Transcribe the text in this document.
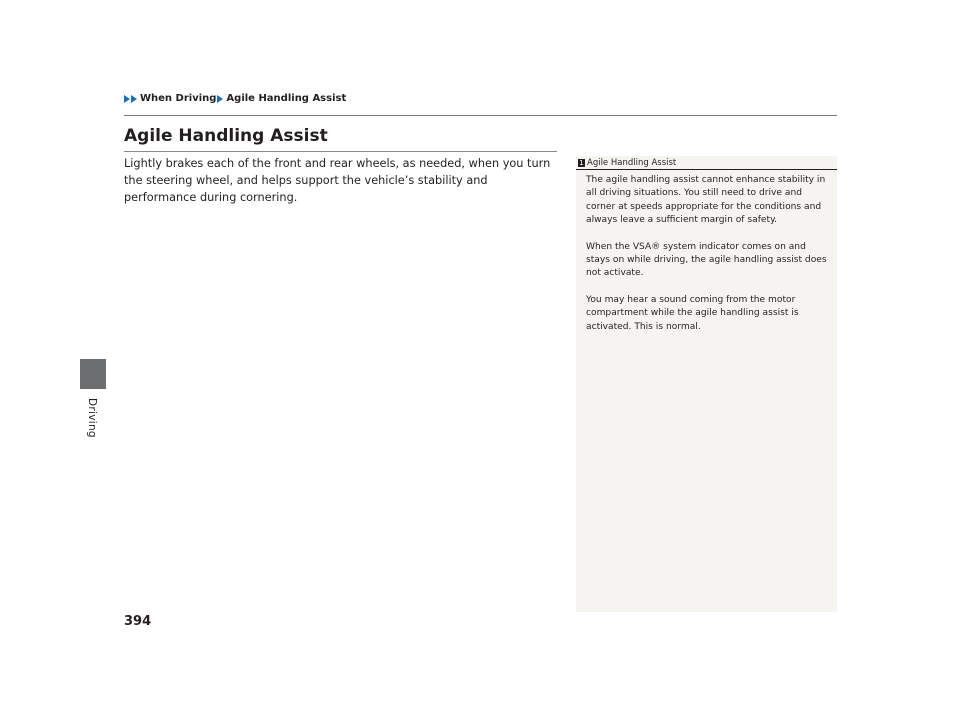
When Driving Agile Handling Assist
Driving
Agile Handling Assist

Lightly brakes each of the front and rear wheels, as needed, when you turn the steering wheel, and helps support the vehicle’s stability and performance during cornering.

1 Agile Handling Assist

The agile handling assist cannot enhance stability in all driving situations. You still need to drive and corner at speeds appropriate for the conditions and always leave a sufficient margin of safety.

When the VSA® system indicator comes on and stays on while driving, the agile handling assist does not activate.

You may hear a sound coming from the motor compartment while the agile handling assist is activated. This is normal.

394
